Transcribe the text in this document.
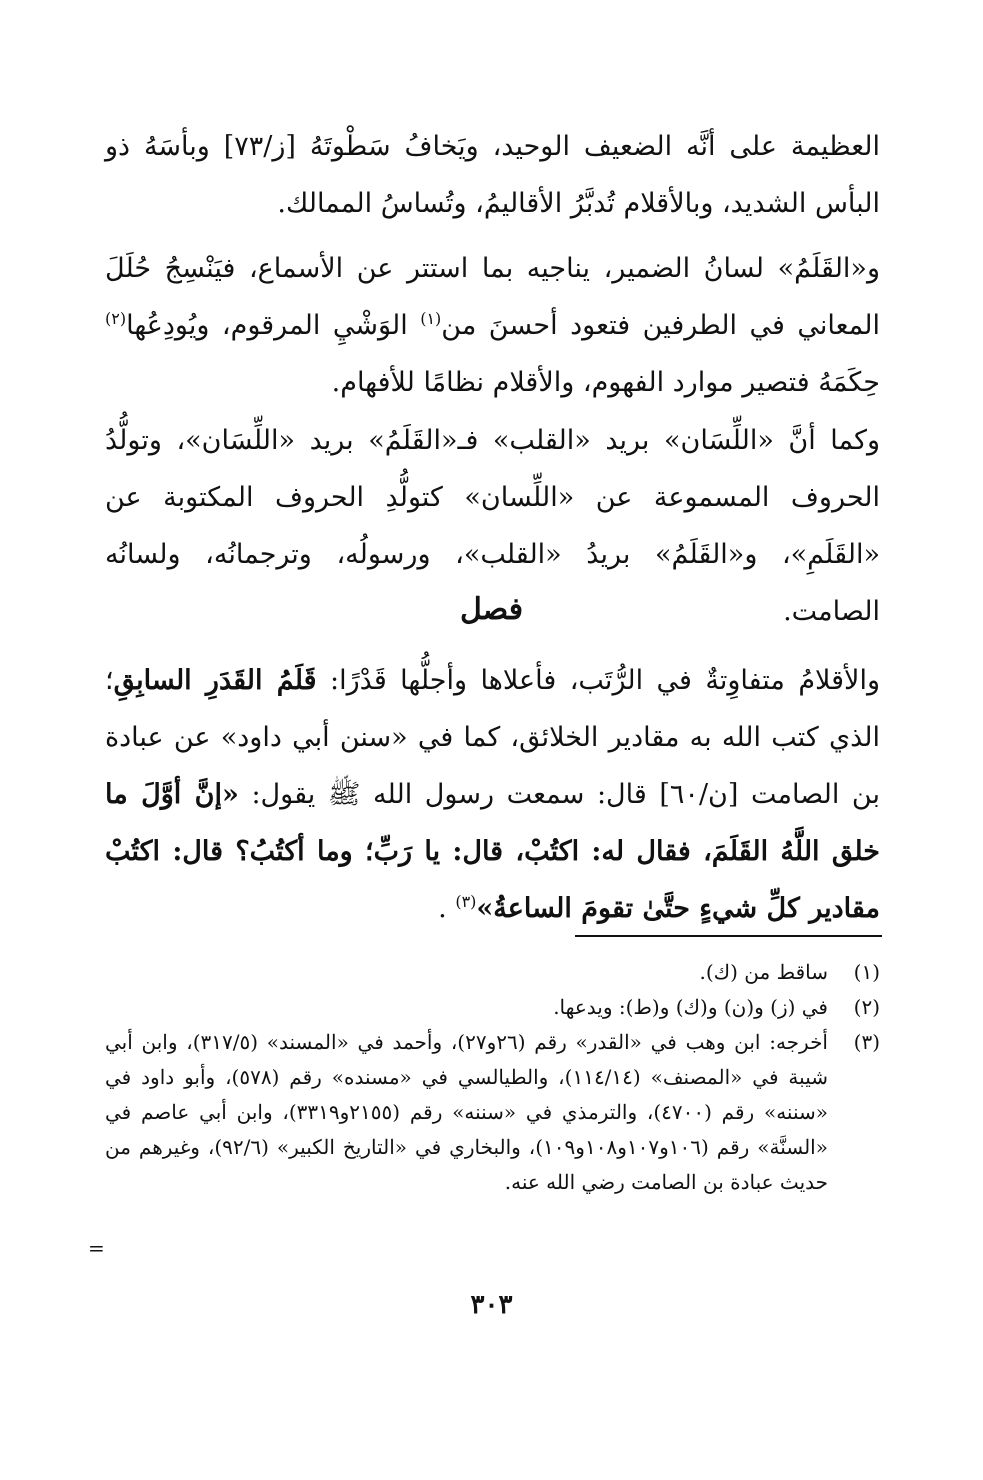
العظيمة على أنَّه الضعيف الوحيد، ويَخافُ سَطْوتَهُ [ز/٧٣] وبأسَهُ ذو البأس الشديد، وبالأقلام تُدبَّرُ الأقاليمُ، وتُساسُ الممالك.

و«القَلَمُ» لسانُ الضمير، يناجيه بما استتر عن الأسماع، فيَنْسِجُ حُلَلَ المعاني في الطرفين فتعود أحسنَ من$^{(١)}$ الوَشْيِ المرقوم، ويُودِعُها$^{(٢)}$ حِكَمَهُ فتصير موارد الفهوم، والأقلام نظامًا للأفهام.

وكما أنَّ «اللِّسَان» بريد «القلب» فـ«القَلَمُ» بريد «اللِّسَان»، وتولُّدُ الحروف المسموعة عن «اللِّسان» كتولُّدِ الحروف المكتوبة عن «القَلَمِ»، و«القَلَمُ» بريدُ «القلب»، ورسولُه، وترجمانُه، ولسانُه الصامت.

فصل

والأقلامُ متفاوِتةٌ في الرُّتَب، فأعلاها وأجلُّها قَدْرًا: قَلَمُ القَدَرِ السابِقِ؛ الذي كتب الله به مقادير الخلائق، كما في «سنن أبي داود» عن عبادة بن الصامت [ن/٦٠] قال: سمعت رسول الله ﷺ يقول: «إنَّ أوَّلَ ما خلق اللَّهُ القَلَمَ، فقال له: اكتُبْ، قال: يا رَبِّ؛ وما أكتُبُ؟ قال: اكتُبْ مقادير كلِّ شيءٍ حتَّىٰ تقومَ الساعةُ»$^{(٣)}$ .

(١)
ساقط من (ك).
(٢)
في (ز) و(ن) و(ك) و(ط): ويدعها.
(٣)
أخرجه: ابن وهب في «القدر» رقم (٢٦و٢٧)، وأحمد في «المسند» (٣١٧/٥)، وابن أبي شيبة في «المصنف» (١١٤/١٤)، والطيالسي في «مسنده» رقم (٥٧٨)، وأبو داود في «سننه» رقم (٤٧٠٠)، والترمذي في «سننه» رقم (٢١٥٥و٣٣١٩)، وابن أبي عاصم في «السنَّة» رقم (١٠٦و١٠٧و١٠٨و١٠٩)، والبخاري في «التاريخ الكبير» (٩٢/٦)، وغيرهم من حديث عبادة بن الصامت رضي الله عنه.
=
٣٠٣
